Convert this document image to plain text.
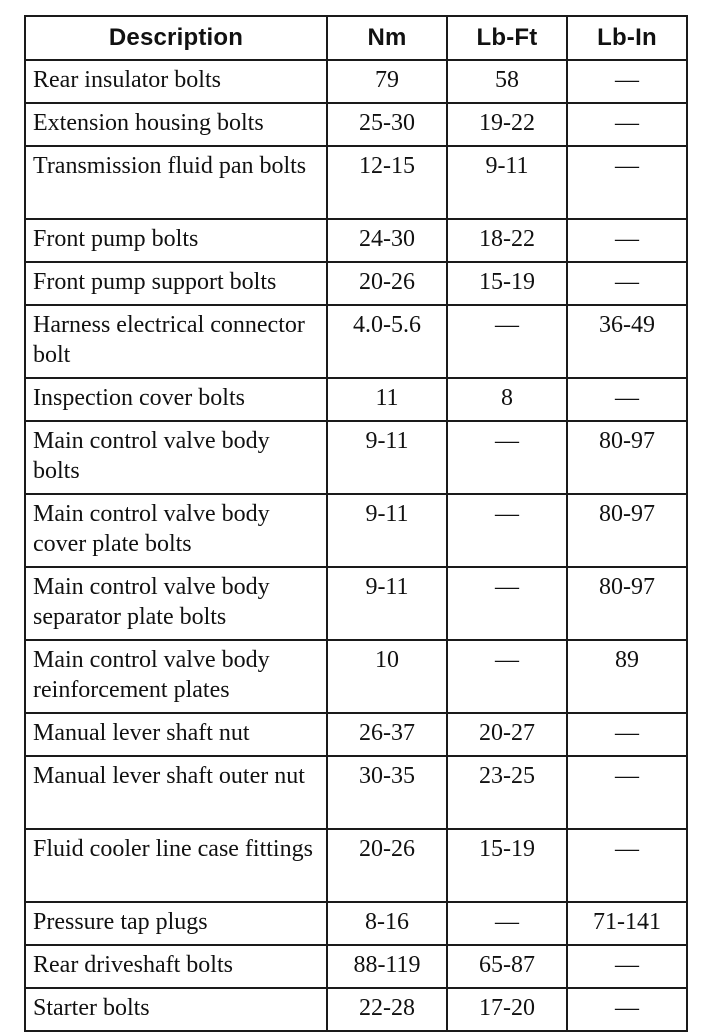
Description	Nm	Lb-Ft	Lb-In
Rear insulator bolts	79	58	—
Extension housing bolts	25-30	19-22	—
Transmission fluid pan bolts	12-15	9-11	—
Front pump bolts	24-30	18-22	—
Front pump support bolts	20-26	15-19	—
Harness electrical connector bolt	4.0-5.6	—	36-49
Inspection cover bolts	11	8	—
Main control valve body bolts	9-11	—	80-97
Main control valve body cover plate bolts	9-11	—	80-97
Main control valve body separator plate bolts	9-11	—	80-97
Main control valve body reinforcement plates	10	—	89
Manual lever shaft nut	26-37	20-27	—
Manual lever shaft outer nut	30-35	23-25	—
Fluid cooler line case fittings	20-26	15-19	—
Pressure tap plugs	8-16	—	71-141
Rear driveshaft bolts	88-119	65-87	—
Starter bolts	22-28	17-20	—
